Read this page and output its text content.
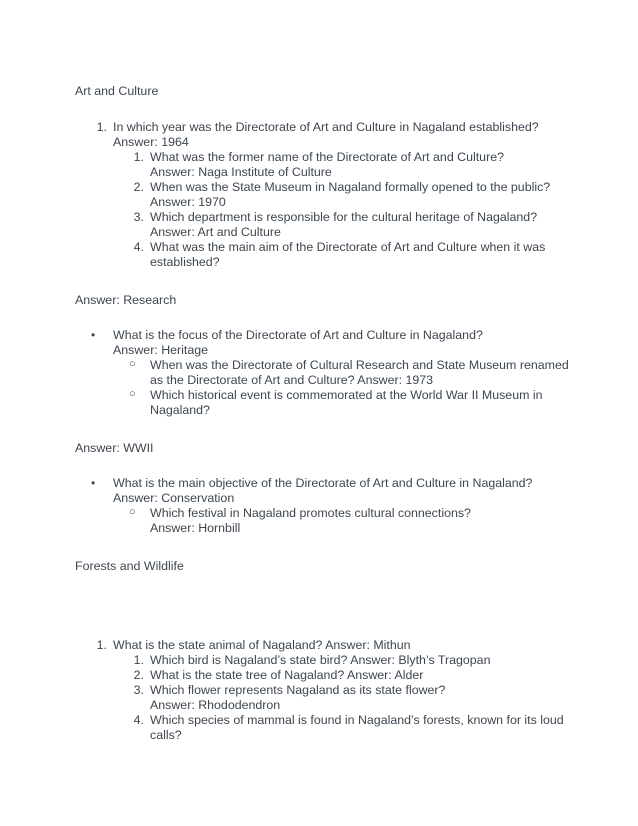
Art and Culture
1. In which year was the Directorate of Art and Culture in Nagaland established?

Answer: 1964

1. What was the former name of the Directorate of Art and Culture?

Answer: Naga Institute of Culture

2. When was the State Museum in Nagaland formally opened to the public?

Answer: 1970

3. Which department is responsible for the cultural heritage of Nagaland?

Answer: Art and Culture

4. What was the main aim of the Directorate of Art and Culture when it was established?

Answer: Research
• What is the focus of the Directorate of Art and Culture in Nagaland?

Answer: Heritage

○ When was the Directorate of Cultural Research and State Museum renamed as the Directorate of Art and Culture? Answer: 1973

○ Which historical event is commemorated at the World War II Museum in Nagaland?

Answer: WWII
• What is the main objective of the Directorate of Art and Culture in Nagaland?

Answer: Conservation

○ Which festival in Nagaland promotes cultural connections?

Answer: Hornbill

Forests and Wildlife
1. What is the state animal of Nagaland? Answer: Mithun

1. Which bird is Nagaland’s state bird? Answer: Blyth’s Tragopan

2. What is the state tree of Nagaland? Answer: Alder

3. Which flower represents Nagaland as its state flower?

Answer: Rhododendron

4. Which species of mammal is found in Nagaland’s forests, known for its loud calls?
